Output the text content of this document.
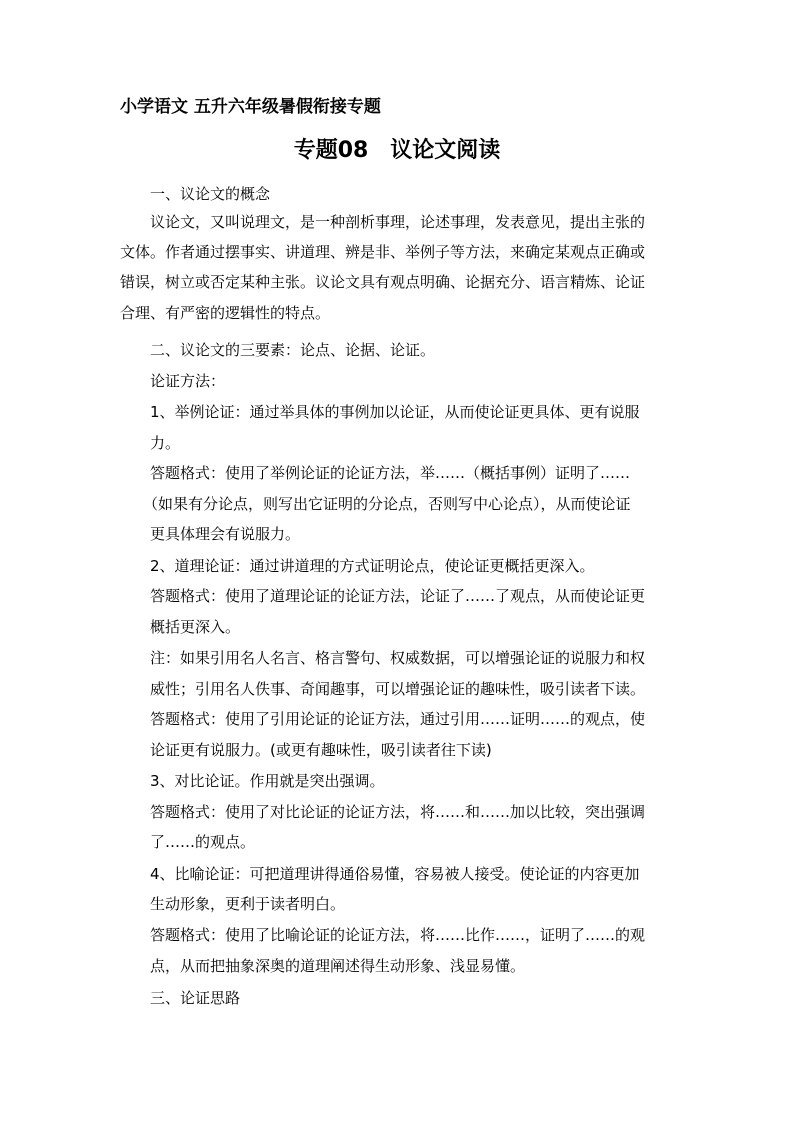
小学语文 五升六年级暑假衔接专题
专题08　议论文阅读
一、议论文的概念
议论文，又叫说理文，是一种剖析事理，论述事理，发表意见，提出主张的
文体。作者通过摆事实、讲道理、辨是非、举例子等方法，来确定某观点正确或
错误，树立或否定某种主张。议论文具有观点明确、论据充分、语言精炼、论证
合理、有严密的逻辑性的特点。
二、议论文的三要素：论点、论据、论证。
论证方法：
1、举例论证：通过举具体的事例加以论证，从而使论证更具体、更有说服
力。
答题格式：使用了举例论证的论证方法，举……（概括事例）证明了……
（如果有分论点，则写出它证明的分论点，否则写中心论点），从而使论证
更具体理会有说服力。
2、道理论证：通过讲道理的方式证明论点，使论证更概括更深入。
答题格式：使用了道理论证的论证方法，论证了……了观点，从而使论证更
概括更深入。
注：如果引用名人名言、格言警句、权威数据，可以增强论证的说服力和权
威性；引用名人佚事、奇闻趣事，可以增强论证的趣味性，吸引读者下读。
答题格式：使用了引用论证的论证方法，通过引用……证明……的观点，使
论证更有说服力。(或更有趣味性，吸引读者往下读)
3、对比论证。作用就是突出强调。
答题格式：使用了对比论证的论证方法，将……和……加以比较，突出强调
了……的观点。
4、比喻论证：可把道理讲得通俗易懂，容易被人接受。使论证的内容更加
生动形象，更利于读者明白。
答题格式：使用了比喻论证的论证方法，将……比作……，证明了……的观
点，从而把抽象深奥的道理阐述得生动形象、浅显易懂。
三、论证思路
